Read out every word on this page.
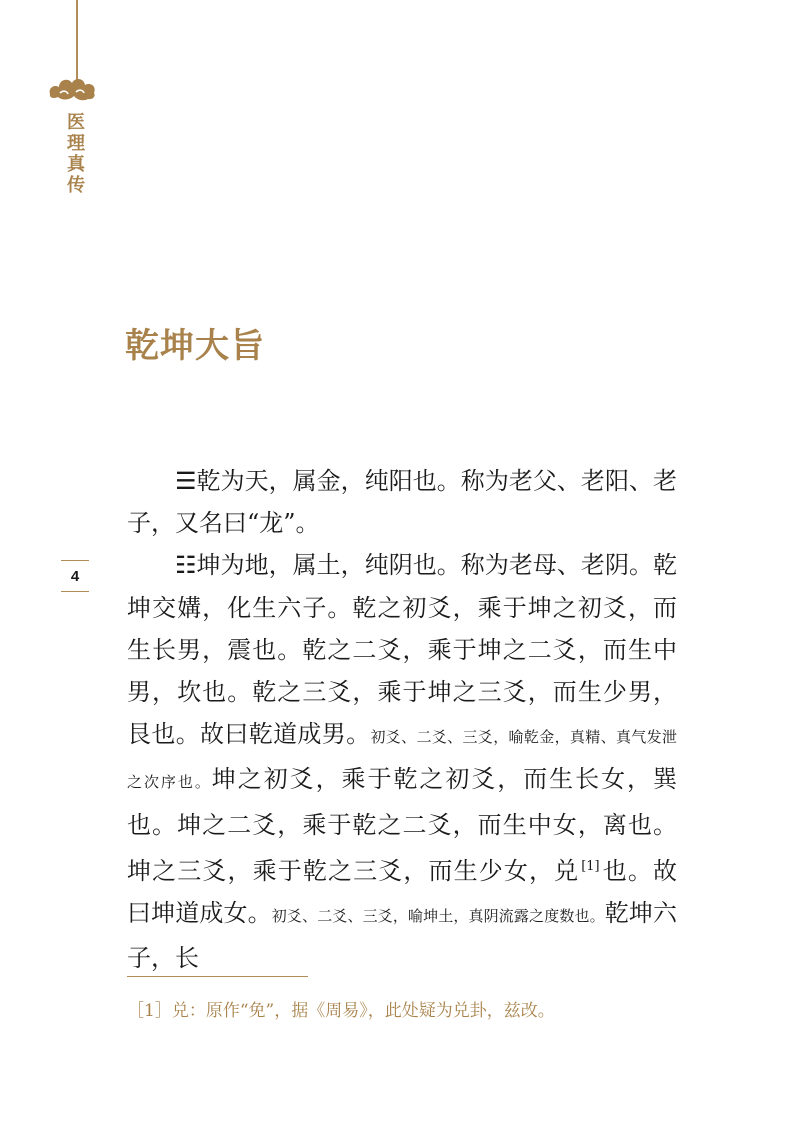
医
理
真
传
4
乾坤大旨

☰乾为天，属金，纯阳也。称为老父、老阳、老子，又名曰“龙”。

☷坤为地，属土，纯阴也。称为老母、老阴。乾坤交媾，化生六子。乾之初爻，乘于坤之初爻，而生长男，震也。乾之二爻，乘于坤之二爻，而生中男，坎也。乾之三爻，乘于坤之三爻，而生少男，艮也。故曰乾道成男。初爻、二爻、三爻，喻乾金，真精、真气发泄之次序也。坤之初爻，乘于乾之初爻，而生长女，巽也。坤之二爻，乘于乾之二爻，而生中女，离也。坤之三爻，乘于乾之三爻，而生少女，兑 [1]也。故曰坤道成女。初爻、二爻、三爻，喻坤土，真阴流露之度数也。乾坤六子，长

［1］兑：原作“免”，据《周易》，此处疑为兑卦，兹改。
